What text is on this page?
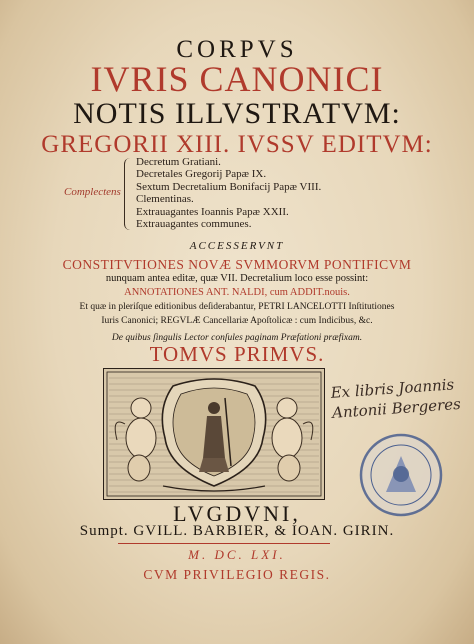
CORPVS
IVRIS CANONICI
NOTIS ILLVSTRATVM:
GREGORII XIII. IVSSV EDITVM:
Complectens
Decretum Gratiani.
Decretales Gregorij Papæ IX.
Sextum Decretalium Bonifacij Papæ VIII.
Clementinas.
Extrauagantes Ioannis Papæ XXII.
Extrauagantes communes.
ACCESSERVNT
CONSTITVTIONES NOVÆ SVMMORVM PONTIFICVM
nunquam antea editæ, quæ VII. Decretalium loco esse possint:
ANNOTATIONES ANT. NALDI, cum ADDIT.nouis.
Et quæ in pleriſque editionibus deſiderabantur, PETRI LANCELOTTI Inſtitutiones
Iuris Canonici; REGVLÆ Cancellariæ Apoſtolicæ : cum Indicibus, &c.
De quibus ſingulis Lector conſules paginam Præfationi præfixam.
TOMVS PRIMVS.
Ex libris Joannis
Antonii Bergeres
LVGDVNI,
Sumpt. GVILL. BARBIER, & IOAN. GIRIN.
M. DC. LXI.
CVM PRIVILEGIO REGIS.
